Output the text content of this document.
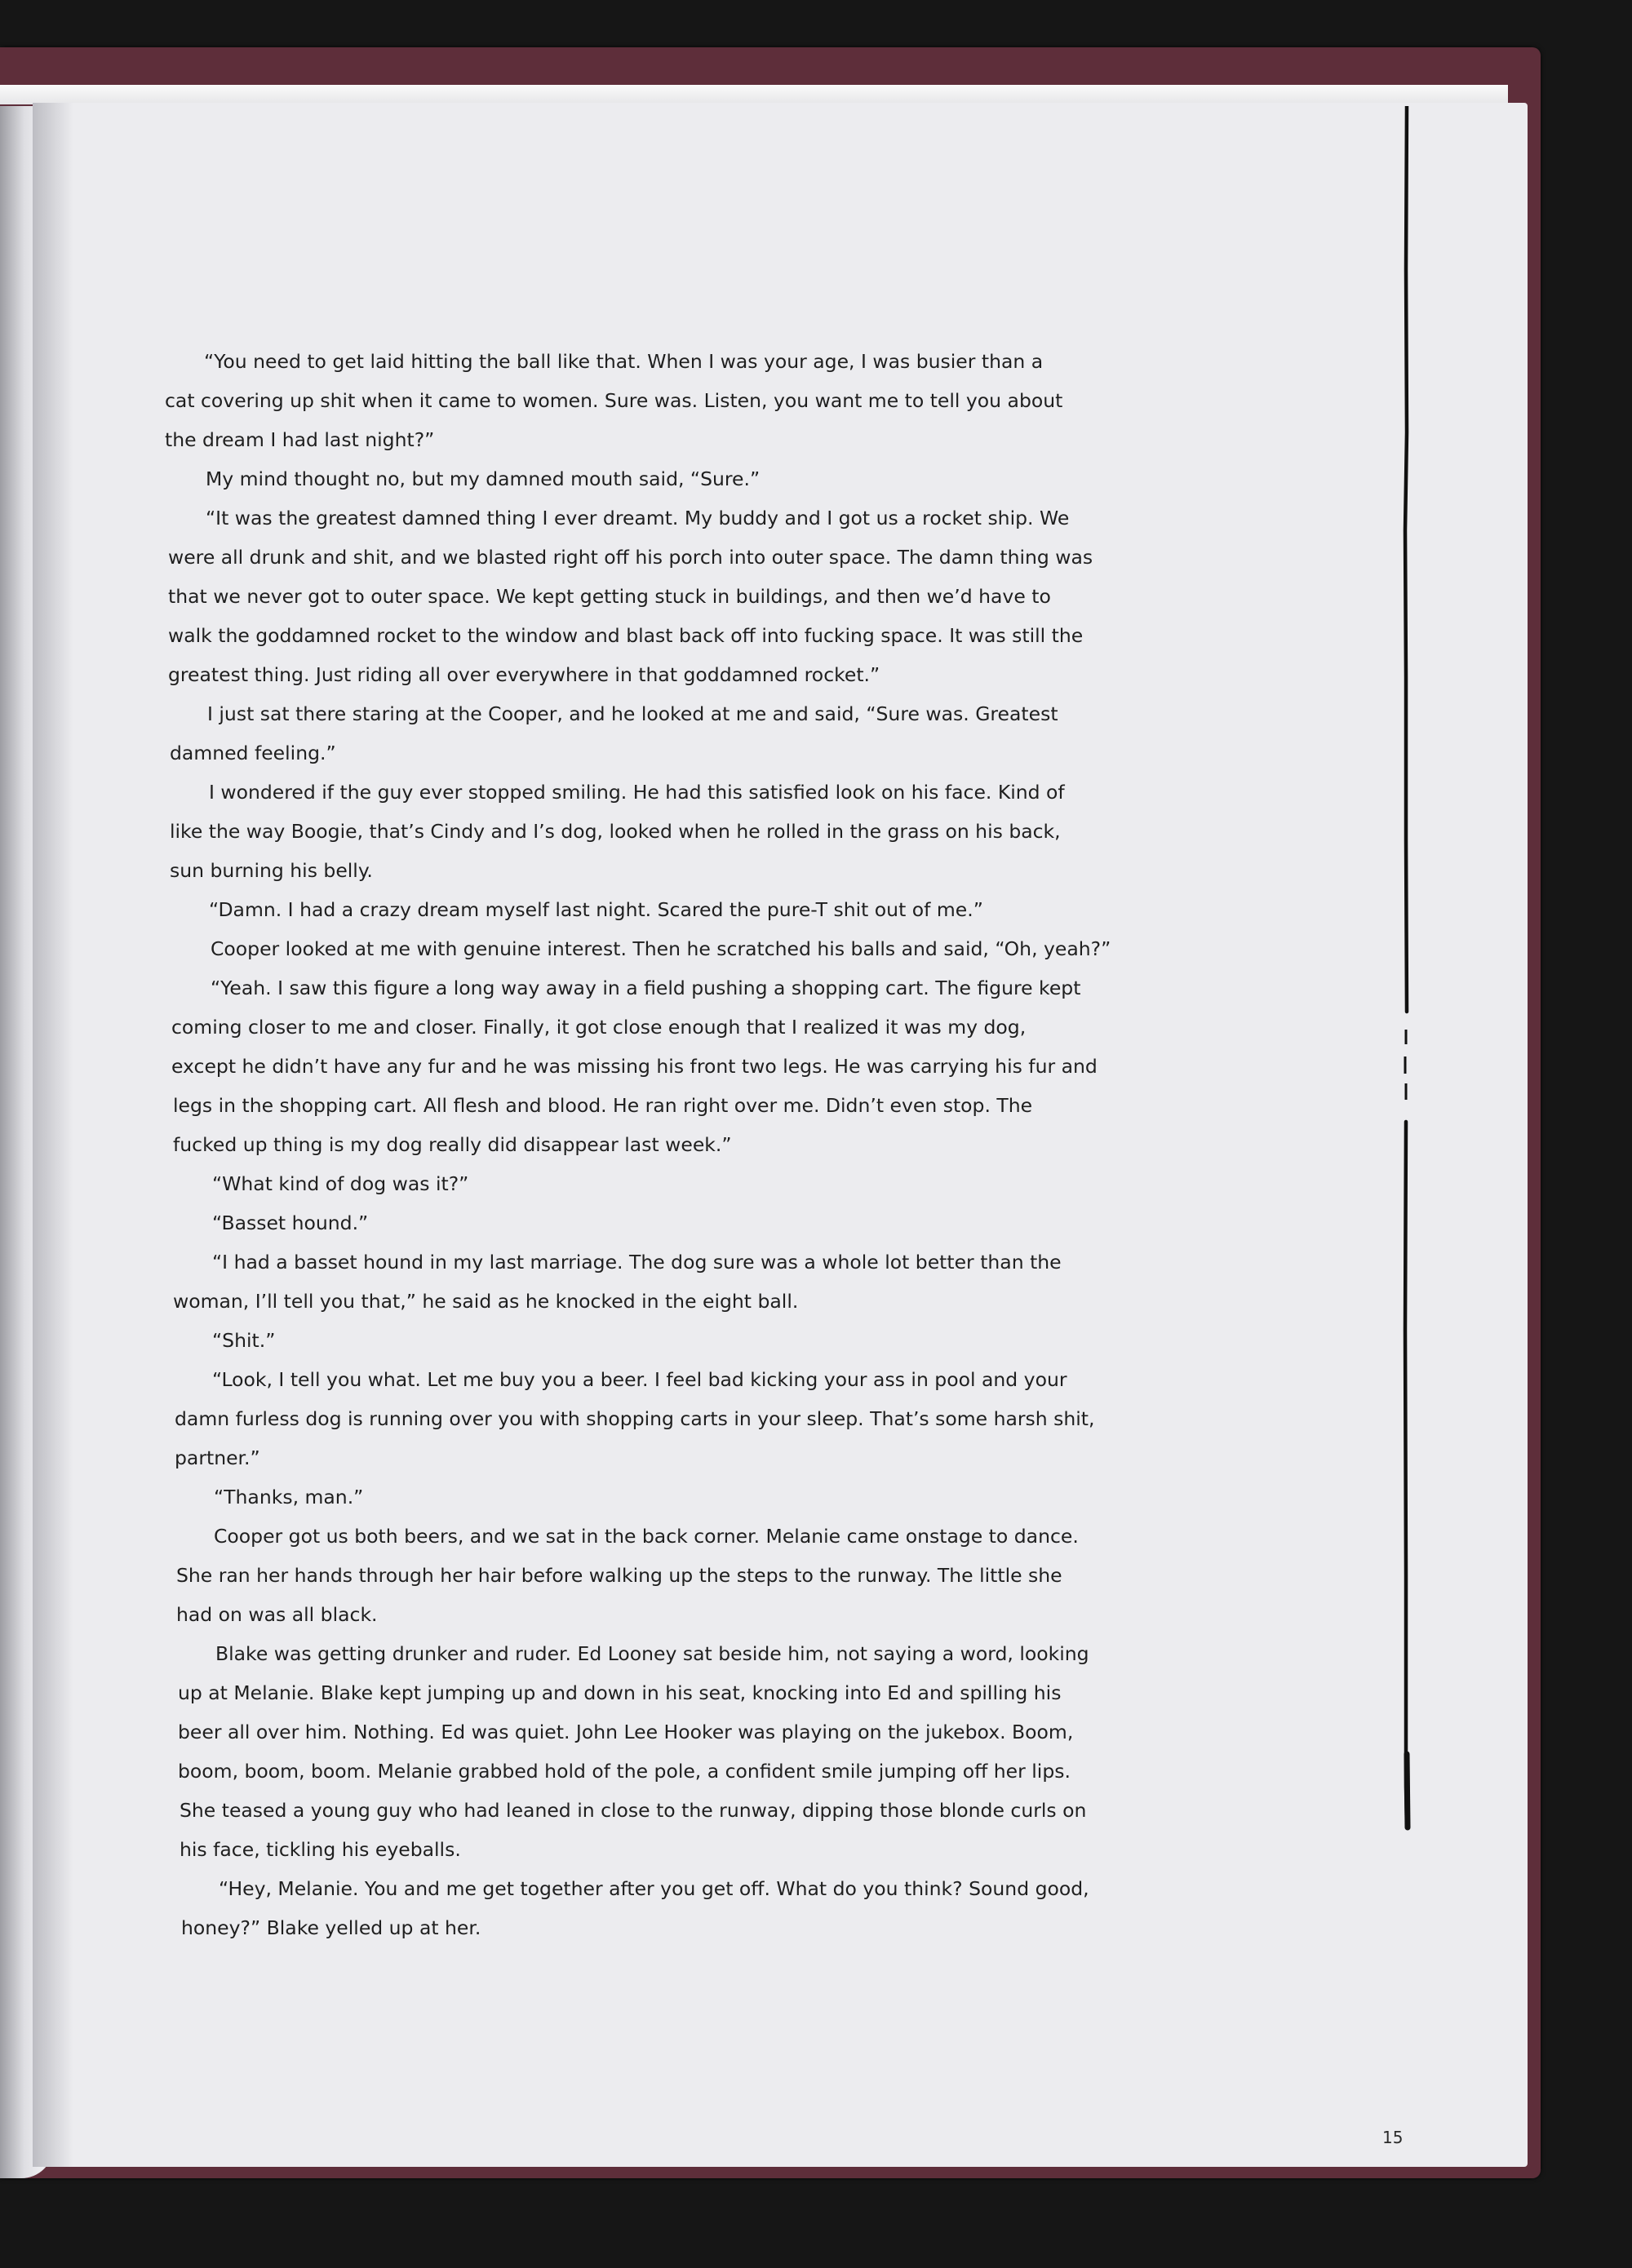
“You need to get laid hitting the ball like that. When I was your age, I was busier than a
cat covering up shit when it came to women. Sure was. Listen, you want me to tell you about
the dream I had last night?”
My mind thought no, but my damned mouth said, “Sure.”
“It was the greatest damned thing I ever dreamt. My buddy and I got us a rocket ship. We
were all drunk and shit, and we blasted right off his porch into outer space. The damn thing was
that we never got to outer space. We kept getting stuck in buildings, and then we’d have to
walk the goddamned rocket to the window and blast back off into fucking space. It was still the
greatest thing. Just riding all over everywhere in that goddamned rocket.”
I just sat there staring at the Cooper, and he looked at me and said, “Sure was. Greatest
damned feeling.”
I wondered if the guy ever stopped smiling. He had this satisfied look on his face. Kind of
like the way Boogie, that’s Cindy and I’s dog, looked when he rolled in the grass on his back,
sun burning his belly.
“Damn. I had a crazy dream myself last night. Scared the pure-T shit out of me.”
Cooper looked at me with genuine interest. Then he scratched his balls and said, “Oh, yeah?”
“Yeah. I saw this figure a long way away in a field pushing a shopping cart. The figure kept
coming closer to me and closer. Finally, it got close enough that I realized it was my dog,
except he didn’t have any fur and he was missing his front two legs. He was carrying his fur and
legs in the shopping cart. All flesh and blood. He ran right over me. Didn’t even stop. The
fucked up thing is my dog really did disappear last week.”
“What kind of dog was it?”
“Basset hound.”
“I had a basset hound in my last marriage. The dog sure was a whole lot better than the
woman, I’ll tell you that,” he said as he knocked in the eight ball.
“Shit.”
“Look, I tell you what. Let me buy you a beer. I feel bad kicking your ass in pool and your
damn furless dog is running over you with shopping carts in your sleep. That’s some harsh shit,
partner.”
“Thanks, man.”
Cooper got us both beers, and we sat in the back corner. Melanie came onstage to dance.
She ran her hands through her hair before walking up the steps to the runway. The little she
had on was all black.
Blake was getting drunker and ruder. Ed Looney sat beside him, not saying a word, looking
up at Melanie. Blake kept jumping up and down in his seat, knocking into Ed and spilling his
beer all over him. Nothing. Ed was quiet. John Lee Hooker was playing on the jukebox. Boom,
boom, boom, boom. Melanie grabbed hold of the pole, a confident smile jumping off her lips.
She teased a young guy who had leaned in close to the runway, dipping those blonde curls on
his face, tickling his eyeballs.
“Hey, Melanie. You and me get together after you get off. What do you think? Sound good,
honey?” Blake yelled up at her.
15
